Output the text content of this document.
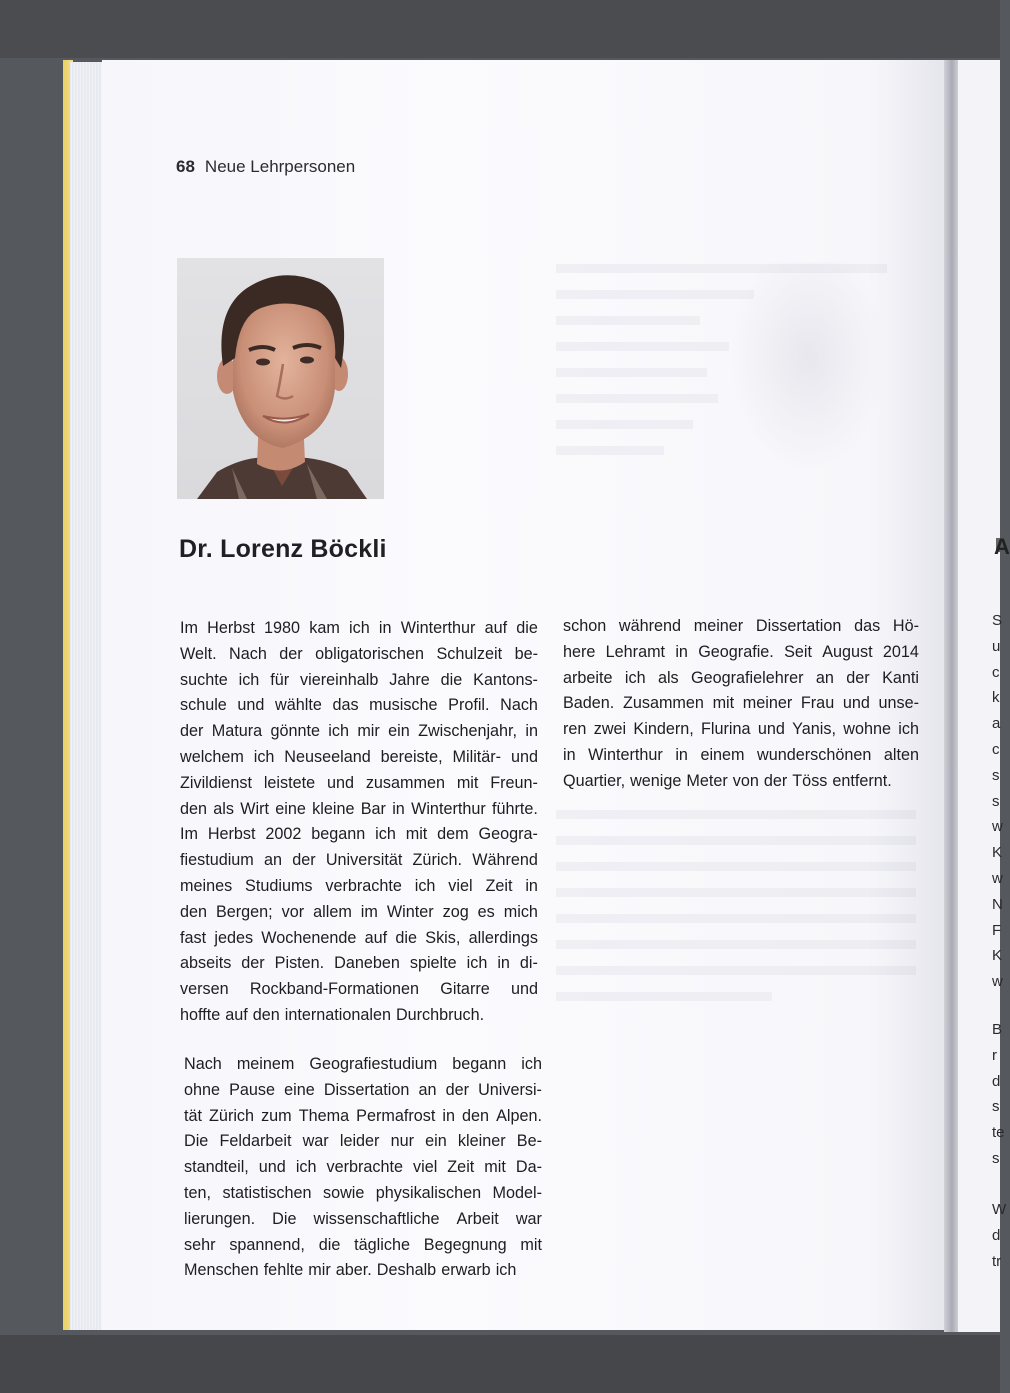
A
S
u
c
k
a
c
s
s
w
K
w
N
F
K
w
B
r
d
s
te
s
W
d
tr
68 Neue Lehrpersonen
Dr. Lorenz Böckli
Im Herbst 1980 kam ich in Winterthur auf die
Welt. Nach der obligatorischen Schulzeit be-
suchte ich für viereinhalb Jahre die Kantons-
schule und wählte das musische Profil. Nach
der Matura gönnte ich mir ein Zwischenjahr, in
welchem ich Neuseeland bereiste, Militär- und
Zivildienst leistete und zusammen mit Freun-
den als Wirt eine kleine Bar in Winterthur führte.
Im Herbst 2002 begann ich mit dem Geogra-
fiestudium an der Universität Zürich. Während
meines Studiums verbrachte ich viel Zeit in
den Bergen; vor allem im Winter zog es mich
fast jedes Wochenende auf die Skis, allerdings
abseits der Pisten. Daneben spielte ich in di-
versen Rockband-Formationen Gitarre und
hoffte auf den internationalen Durchbruch.
Nach meinem Geografiestudium begann ich
ohne Pause eine Dissertation an der Universi-
tät Zürich zum Thema Permafrost in den Alpen.
Die Feldarbeit war leider nur ein kleiner Be-
standteil, und ich verbrachte viel Zeit mit Da-
ten, statistischen sowie physikalischen Model-
lierungen. Die wissenschaftliche Arbeit war
sehr spannend, die tägliche Begegnung mit
Menschen fehlte mir aber. Deshalb erwarb ich
schon während meiner Dissertation das Hö-
here Lehramt in Geografie. Seit August 2014
arbeite ich als Geografielehrer an der Kanti
Baden. Zusammen mit meiner Frau und unse-
ren zwei Kindern, Flurina und Yanis, wohne ich
in Winterthur in einem wunderschönen alten
Quartier, wenige Meter von der Töss entfernt.
